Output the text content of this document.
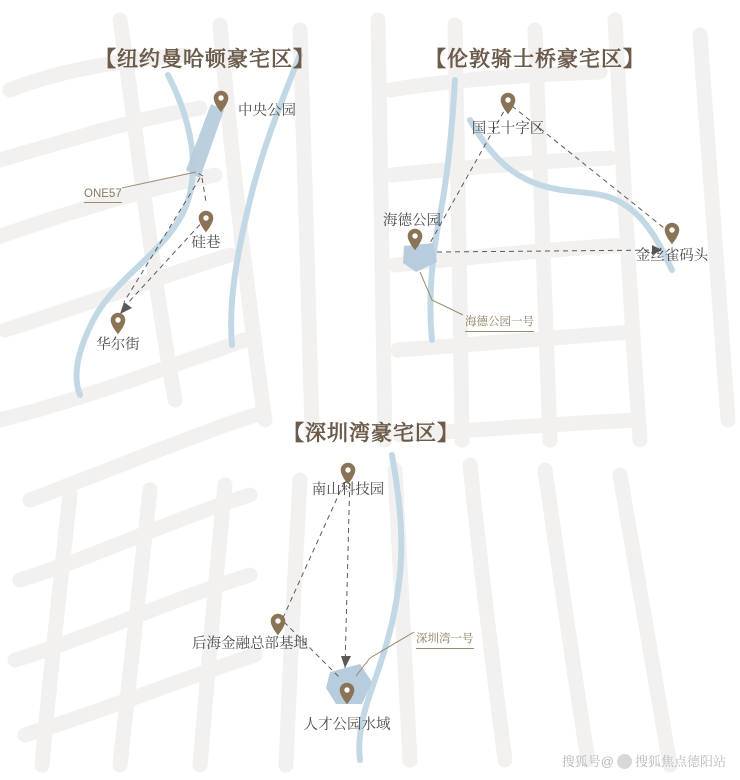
【纽约曼哈顿豪宅区】	【伦敦骑士桥豪宅区】
【深圳湾豪宅区】
中央公园
硅巷
华尔街
国王十字区
海德公园
金丝雀码头
南山科技园
后海金融总部基地
人才公园水域
ONE57
海德公园一号
深圳湾一号
搜狐号@ 搜狐焦点德阳站
